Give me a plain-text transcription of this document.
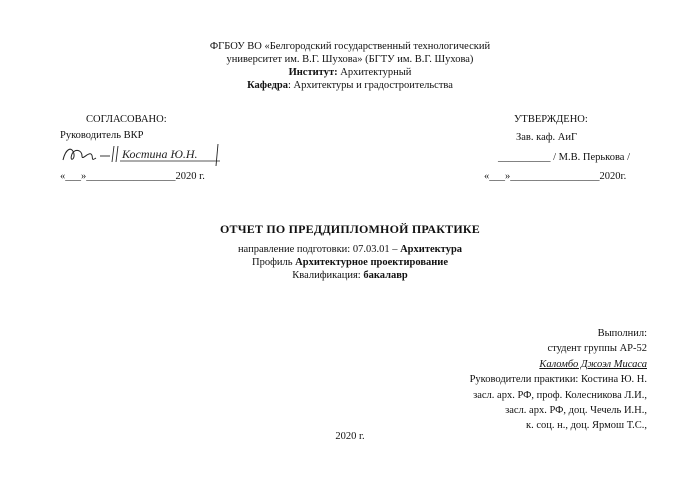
ФГБОУ ВО «Белгородский государственный технологический
университет им. В.Г. Шухова» (БГТУ им. В.Г. Шухова)
Институт: Архитектурный
Кафедра: Архитектуры и градостроительства
СОГЛАСОВАНО:
Руководитель ВКР
Костина Ю.Н.
«___»_________________2020 г.
УТВЕРЖДЕНО:
Зав. каф. АиГ
__________ / М.В. Перькова /
«___»_________________2020г.
ОТЧЕТ ПО ПРЕДДИПЛОМНОЙ ПРАКТИКЕ
направление подготовки: 07.03.01 – Архитектура
Профиль Архитектурное проектирование
Квалификация: бакалавр
Выполнил:
студент группы АР-52
Каломбо Джоэл Мисаса
Руководители практики: Костина Ю. Н.
засл. арх. РФ, проф. Колесникова Л.И.,
засл. арх. РФ, доц. Чечель И.Н.,
к. соц. н., доц. Ярмош Т.С.,
2020 г.
